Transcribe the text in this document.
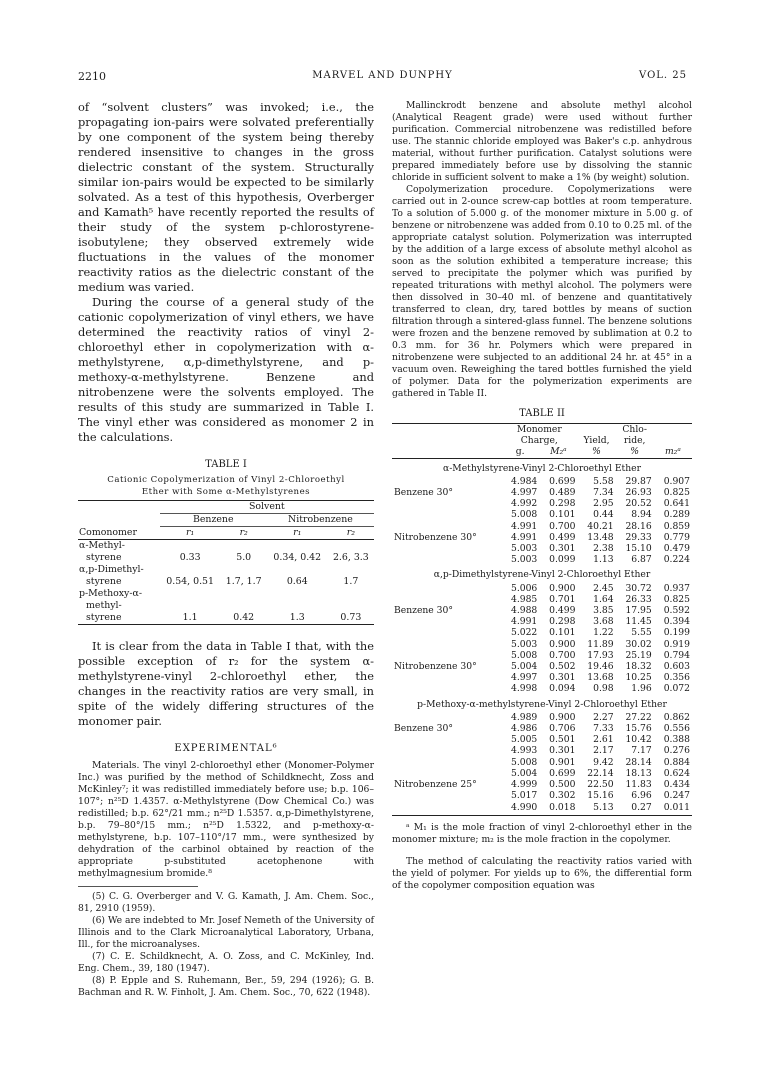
2210	MARVEL AND DUNPHY	VOL. 25

of “solvent clusters” was invoked; i.e., the propagating ion-pairs were solvated preferentially by one component of the system being thereby rendered insensitive to changes in the gross dielectric constant of the system. Structurally similar ion-pairs would be expected to be similarly solvated. As a test of this hypothesis, Overberger and Kamath⁵ have recently reported the results of their study of the system p-chlorostyrene-isobutylene; they observed extremely wide fluctuations in the values of the monomer reactivity ratios as the dielectric constant of the medium was varied.

During the course of a general study of the cationic copolymerization of vinyl ethers, we have determined the reactivity ratios of vinyl 2-chloroethyl ether in copolymerization with α-methylstyrene, α,p-dimethylstyrene, and p-methoxy-α-methylstyrene. Benzene and nitrobenzene were the solvents employed. The results of this study are summarized in Table I. The vinyl ether was considered as monomer 2 in the calculations.

TABLE I
Cationic Copolymerization of Vinyl 2-Chloroethyl
Ether with Some α-Methylstyrenes
	Solvent			
	Benzene		Nitrobenzene	
Comonomer	r₁	r₂	r₁	r₂
α-Methyl-				
styrene	0.33	5.0	0.34, 0.42	2.6, 3.3
α,p-Dimethyl-				
styrene	0.54, 0.51	1.7, 1.7	0.64	1.7
p-Methoxy-α-				
methyl-				
styrene	1.1	0.42	1.3	0.73

It is clear from the data in Table I that, with the possible exception of r₂ for the system α-methylstyrene-vinyl 2-chloroethyl ether, the changes in the reactivity ratios are very small, in spite of the widely differing structures of the monomer pair.

EXPERIMENTAL⁶

Materials. The vinyl 2-chloroethyl ether (Monomer-Polymer Inc.) was purified by the method of Schildknecht, Zoss and McKinley⁷; it was redistilled immediately before use; b.p. 106–107°; n²⁵D 1.4357. α-Methylstyrene (Dow Chemical Co.) was redistilled; b.p. 62°/21 mm.; n²⁵D 1.5357. α,p-Dimethylstyrene, b.p. 79–80°/15 mm.; n²⁵D 1.5322, and p-methoxy-α-methylstyrene, b.p. 107–110°/17 mm., were synthesized by dehydration of the carbinol obtained by reaction of the appropriate p-substituted acetophenone with methylmagnesium bromide.⁸

(5) C. G. Overberger and V. G. Kamath, J. Am. Chem. Soc., 81, 2910 (1959).

(6) We are indebted to Mr. Josef Nemeth of the University of Illinois and to the Clark Microanalytical Laboratory, Urbana, Ill., for the microanalyses.

(7) C. E. Schildknecht, A. O. Zoss, and C. McKinley, Ind. Eng. Chem., 39, 180 (1947).

(8) P. Epple and S. Ruhemann, Ber., 59, 294 (1926); G. B. Bachman and R. W. Finholt, J. Am. Chem. Soc., 70, 622 (1948).

Mallinckrodt benzene and absolute methyl alcohol (Analytical Reagent grade) were used without further purification. Commercial nitrobenzene was redistilled before use. The stannic chloride employed was Baker's c.p. anhydrous material, without further purification. Catalyst solutions were prepared immediately before use by dissolving the stannic chloride in sufficient solvent to make a 1% (by weight) solution.

Copolymerization procedure. Copolymerizations were carried out in 2-ounce screw-cap bottles at room temperature. To a solution of 5.000 g. of the monomer mixture in 5.00 g. of benzene or nitrobenzene was added from 0.10 to 0.25 ml. of the appropriate catalyst solution. Polymerization was interrupted by the addition of a large excess of absolute methyl alcohol as soon as the solution exhibited a temperature increase; this served to precipitate the polymer which was purified by repeated triturations with methyl alcohol. The polymers were then dissolved in 30–40 ml. of benzene and quantitatively transferred to clean, dry, tared bottles by means of suction filtration through a sintered-glass funnel. The benzene solutions were frozen and the benzene removed by sublimation at 0.2 to 0.3 mm. for 36 hr. Polymers which were prepared in nitrobenzene were subjected to an additional 24 hr. at 45° in a vacuum oven. Reweighing the tared bottles furnished the yield of polymer. Data for the polymerization experiments are gathered in Table II.

TABLE II
	Monomer			Chlo-	
	Charge,		Yield,	ride,	
	g.	M₂ᵃ	%	%	m₂ᵃ
α-Methylstyrene-Vinyl 2-Chloroethyl Ether					
	4.984	0.699	5.58	29.87	0.907
Benzene 30°	4.997	0.489	7.34	26.93	0.825
	4.992	0.298	2.95	20.52	0.641
	5.008	0.101	0.44	8.94	0.289
	4.991	0.700	40.21	28.16	0.859
Nitrobenzene 30°	4.991	0.499	13.48	29.33	0.779
	5.003	0.301	2.38	15.10	0.479
	5.003	0.099	1.13	6.87	0.224
α,p-Dimethylstyrene-Vinyl 2-Chloroethyl Ether					
	5.006	0.900	2.45	30.72	0.937
	4.985	0.701	1.64	26.33	0.825
Benzene 30°	4.988	0.499	3.85	17.95	0.592
	4.991	0.298	3.68	11.45	0.394
	5.022	0.101	1.22	5.55	0.199
	5.003	0.900	11.89	30.02	0.919
	5.008	0.700	17.93	25.19	0.794
Nitrobenzene 30°	5.004	0.502	19.46	18.32	0.603
	4.997	0.301	13.68	10.25	0.356
	4.998	0.094	0.98	1.96	0.072
p-Methoxy-α-methylstyrene-Vinyl 2-Chloroethyl Ether					
	4.989	0.900	2.27	27.22	0.862
Benzene 30°	4.986	0.706	7.33	15.76	0.556
	5.005	0.501	2.61	10.42	0.388
	4.993	0.301	2.17	7.17	0.276
	5.008	0.901	9.42	28.14	0.884
	5.004	0.699	22.14	18.13	0.624
Nitrobenzene 25°	4.999	0.500	22.50	11.83	0.434
	5.017	0.302	15.16	6.96	0.247
	4.990	0.018	5.13	0.27	0.011

ᵃ M₁ is the mole fraction of vinyl 2-chloroethyl ether in the monomer mixture; m₂ is the mole fraction in the copolymer.

The method of calculating the reactivity ratios varied with the yield of polymer. For yields up to 6%, the differential form of the copolymer composition equation was
